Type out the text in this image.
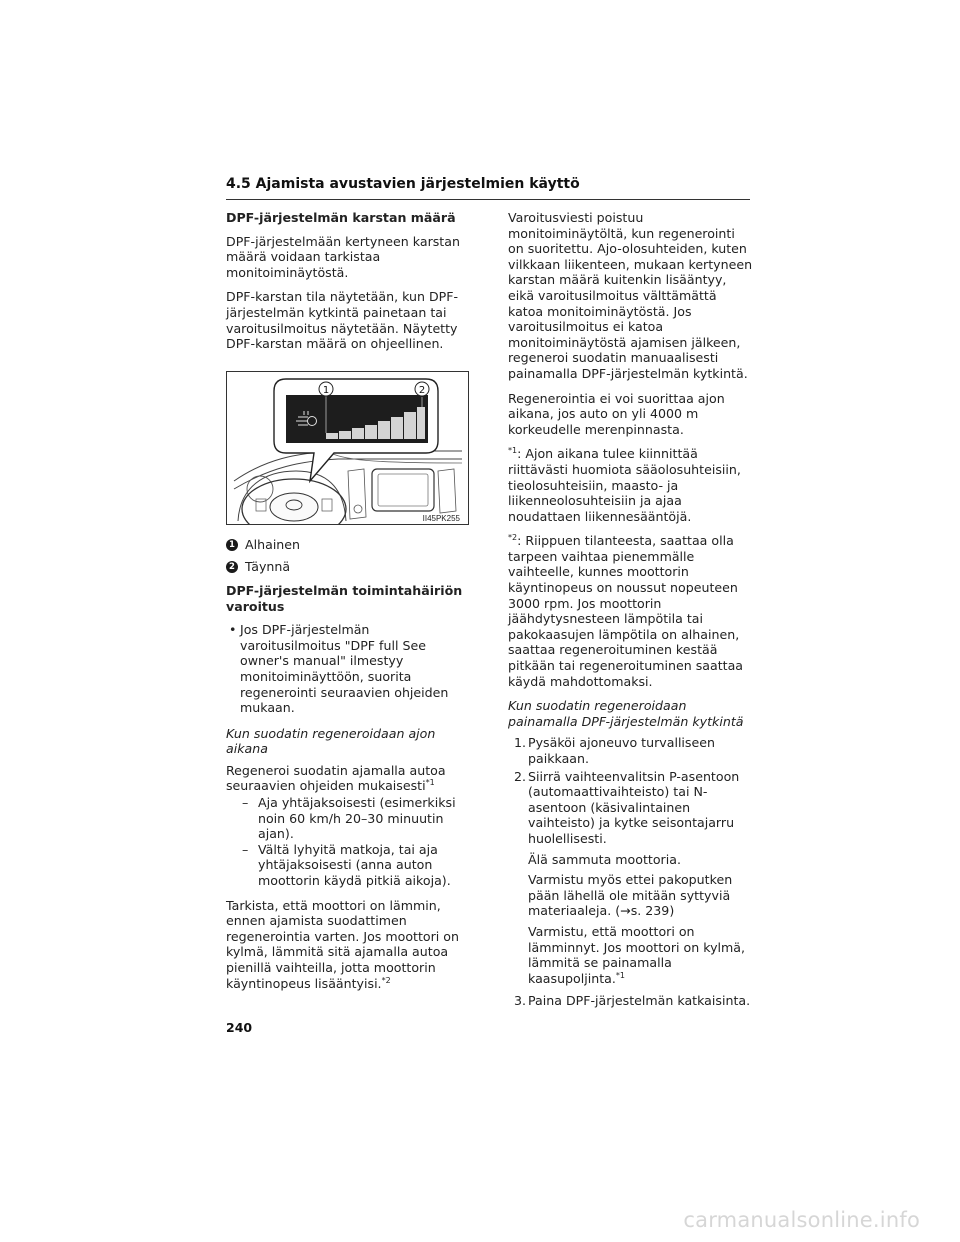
4.5 Ajamista avustavien järjestelmien käyttö

DPF-järjestelmän karstan määrä

DPF-järjestelmään kertyneen karstan määrä voidaan tarkistaa monitoiminäytöstä.

DPF-karstan tila näytetään, kun DPF-järjestelmän kytkintä painetaan tai varoitusilmoitus näytetään. Näytetty DPF-karstan määrä on ohjeellinen.

1 Alhainen
2 Täynnä

DPF-järjestelmän toimintahäiriön varoitus

• Jos DPF-järjestelmän varoitusilmoitus "DPF full See owner's manual" ilmestyy monitoiminäyttöön, suorita regenerointi seuraavien ohjeiden mukaan.

Kun suodatin regeneroidaan ajon aikana

Regeneroi suodatin ajamalla autoa seuraavien ohjeiden mukaisesti$^{*1}$

– Aja yhtäjaksoisesti (esimerkiksi noin 60 km/h 20–30 minuutin ajan).
– Vältä lyhyitä matkoja, tai aja yhtäjaksoisesti (anna auton moottorin käydä pitkiä aikoja).

Tarkista, että moottori on lämmin, ennen ajamista suodattimen regenerointia varten. Jos moottori on kylmä, lämmitä sitä ajamalla autoa pienillä vaihteilla, jotta moottorin käyntinopeus lisääntyisi.$^{*2}$

1	2
II45PK255

Varoitusviesti poistuu monitoiminäytöltä, kun regenerointi on suoritettu. Ajo-olosuhteiden, kuten vilkkaan liikenteen, mukaan kertyneen karstan määrä kuitenkin lisääntyy, eikä varoitusilmoitus välttämättä katoa monitoiminäytöstä. Jos varoitusilmoitus ei katoa monitoiminäytöstä ajamisen jälkeen, regeneroi suodatin manuaalisesti painamalla DPF-järjestelmän kytkintä.

Regenerointia ei voi suorittaa ajon aikana, jos auto on yli 4000 m korkeudelle merenpinnasta.

$^{*1}$: Ajon aikana tulee kiinnittää riittävästi huomiota sääolosuhteisiin, tieolosuhteisiin, maasto- ja liikenneolosuhteisiin ja ajaa noudattaen liikennesääntöjä.

$^{*2}$: Riippuen tilanteesta, saattaa olla tarpeen vaihtaa pienemmälle vaihteelle, kunnes moottorin käyntinopeus on noussut nopeuteen 3000 rpm. Jos moottorin jäähdytysnesteen lämpötila tai pakokaasujen lämpötila on alhainen, saattaa regeneroituminen kestää pitkään tai regeneroituminen saattaa käydä mahdottomaksi.

Kun suodatin regeneroidaan painamalla DPF-järjestelmän kytkintä

1. Pysäköi ajoneuvo turvalliseen paikkaan.
2. Siirrä vaihteenvalitsin P-asentoon (automaattivaihteisto) tai N-asentoon (käsivalintainen vaihteisto) ja kytke seisontajarru huolellisesti.

Älä sammuta moottoria.

Varmistu myös ettei pakoputken pään lähellä ole mitään syttyviä materiaaleja. (→s. 239)

Varmistu, että moottori on lämminnyt. Jos moottori on kylmä, lämmitä se painamalla kaasupoljinta.$^{*1}$

3. Paina DPF-järjestelmän katkaisinta.
240
carmanualsonline.info
